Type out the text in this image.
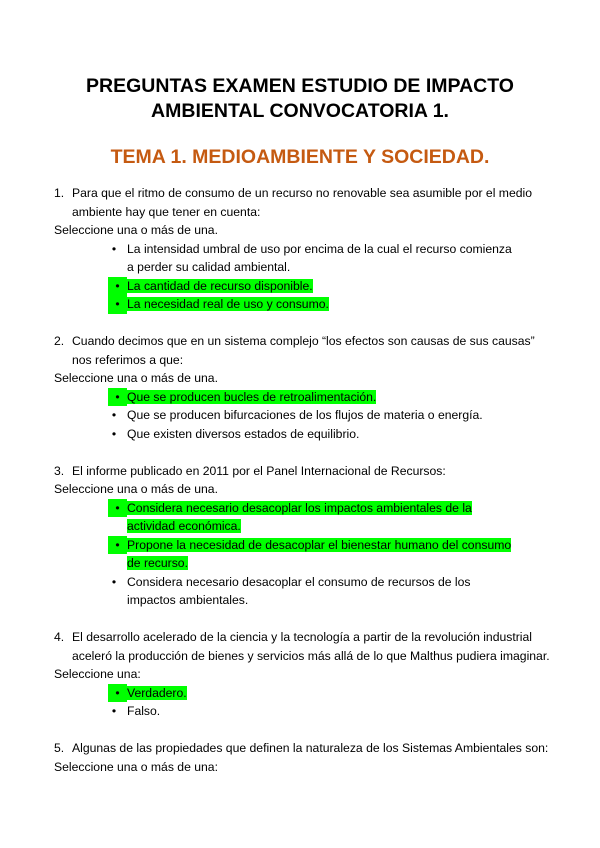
PREGUNTAS EXAMEN ESTUDIO DE IMPACTO
AMBIENTAL CONVOCATORIA 1.
TEMA 1. MEDIOAMBIENTE Y SOCIEDAD.
1. Para que el ritmo de consumo de un recurso no renovable sea asumible por el medio ambiente hay que tener en cuenta:
Seleccione una o más de una.
• La intensidad umbral de uso por encima de la cual el recurso comienza a perder su calidad ambiental.
• La cantidad de recurso disponible.
• La necesidad real de uso y consumo.
2. Cuando decimos que en un sistema complejo “los efectos son causas de sus causas” nos referimos a que:
Seleccione una o más de una.
• Que se producen bucles de retroalimentación.
• Que se producen bifurcaciones de los flujos de materia o energía.
• Que existen diversos estados de equilibrio.
3. El informe publicado en 2011 por el Panel Internacional de Recursos:
Seleccione una o más de una.
• Considera necesario desacoplar los impactos ambientales de la actividad económica.
• Propone la necesidad de desacoplar el bienestar humano del consumo de recurso.
• Considera necesario desacoplar el consumo de recursos de los impactos ambientales.
4. El desarrollo acelerado de la ciencia y la tecnología a partir de la revolución industrial aceleró la producción de bienes y servicios más allá de lo que Malthus pudiera imaginar.
Seleccione una:
• Verdadero.
• Falso.
5. Algunas de las propiedades que definen la naturaleza de los Sistemas Ambientales son:
Seleccione una o más de una:
